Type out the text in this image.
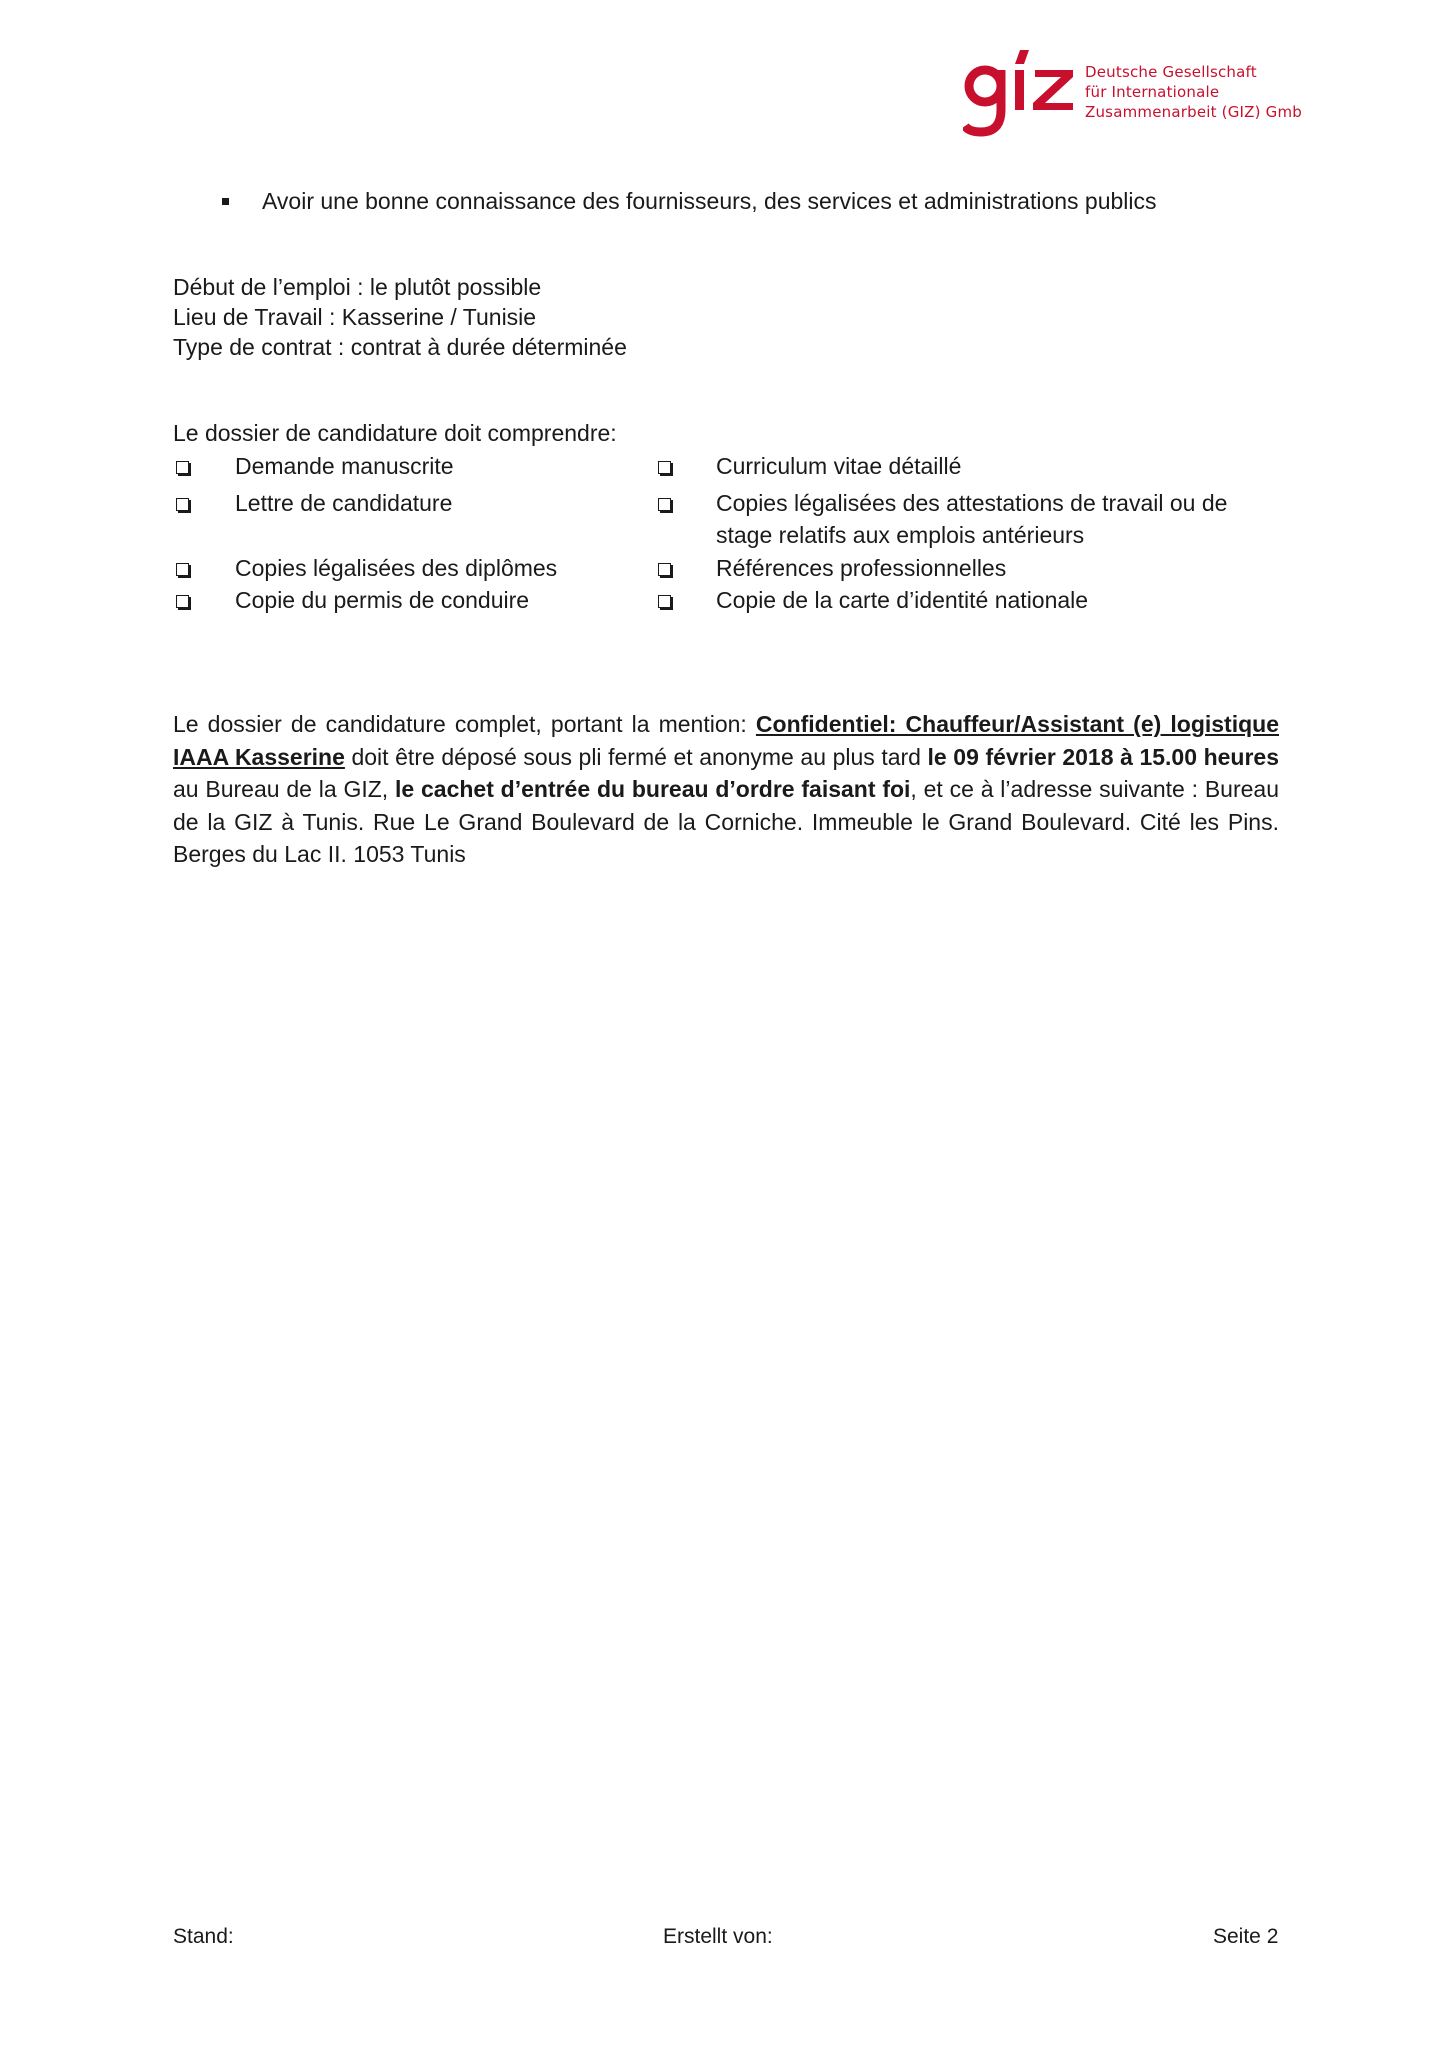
Deutsche Gesellschaft
für Internationale
Zusammenarbeit (GIZ) Gmb
Avoir une bonne connaissance des fournisseurs, des services et administrations publics
Début de l’emploi : le plutôt possible
Lieu de Travail : Kasserine / Tunisie
Type de contrat : contrat à durée déterminée
Le dossier de candidature doit comprendre:
Demande manuscrite
Lettre de candidature
Copies légalisées des diplômes
Copie du permis de conduire
Curriculum vitae détaillé
Copies légalisées des attestations de travail ou de
stage relatifs aux emplois antérieurs
Références professionnelles
Copie de la carte d’identité nationale
Le dossier de candidature complet, portant la mention: Confidentiel: Chauffeur/Assistant (e) logistique IAAA Kasserine doit être déposé sous pli fermé et anonyme au plus tard le 09 février 2018 à 15.00 heures au Bureau de la GIZ, le cachet d’entrée du bureau d’ordre faisant foi, et ce à l’adresse suivante : Bureau de la GIZ à Tunis. Rue Le Grand Boulevard de la Corniche. Immeuble le Grand Boulevard. Cité les Pins. Berges du Lac II. 1053 Tunis
Stand:	Erstellt von:	Seite 2
